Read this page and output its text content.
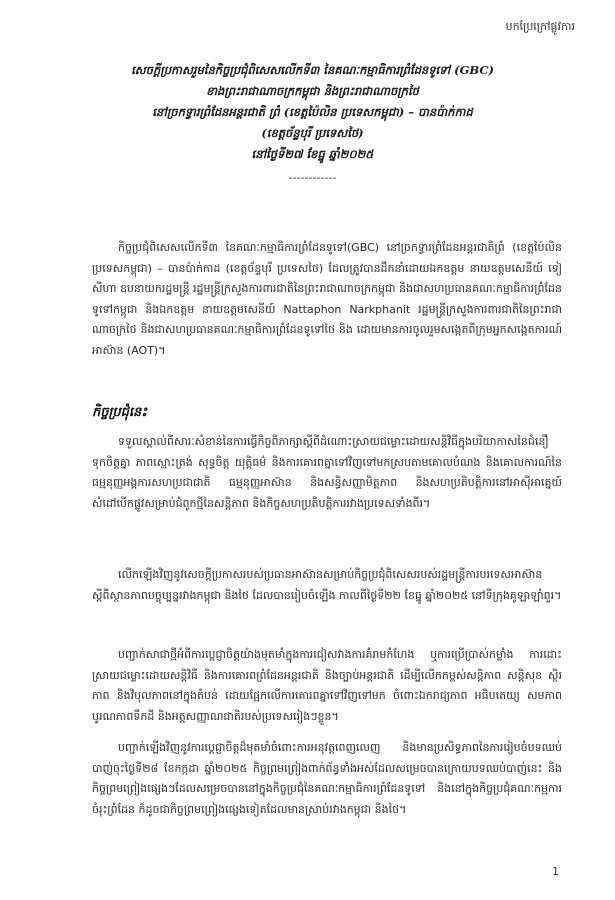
បកប្រែក្រៅផ្លូវការ
សេចក្តីប្រកាសរួមនៃកិច្ចប្រជុំពិសេសលើកទី៣ នៃគណៈកម្មាធិការព្រំដែនទូទៅ (GBC)
ខាងព្រះរាជាណាចក្រកម្ពុជា និងព្រះរាជាណាចក្រថៃ
នៅច្រកទ្វារព្រំដែនអន្តរជាតិ ព្រំ (ខេត្តប៉ៃលិន ប្រទេសកម្ពុជា) – បានប៉ាក់កាដ
(ខេត្តច័ន្ទបុរី ប្រទេសថៃ)
នៅថ្ងៃទី២៧ ខែធ្នូ ឆ្នាំ២០២៥
------------

កិច្ចប្រជុំពិសេសលើកទី៣ នៃគណៈកម្មាធិការព្រំដែនទូទៅ(GBC) នៅច្រកទ្វារព្រំដែនអន្តរជាតិព្រំ (ខេត្តប៉ៃលិន ប្រទេសកម្ពុជា) – បានប៉ាក់កាដ (ខេត្តច័ន្ទបុរី ប្រទេសថៃ) ដែលត្រូវបានដឹកនាំដោយឯកឧត្តម នាយឧត្តមសេនីយ៍ ទៀ សីហា ឧបនាយករដ្ឋមន្ត្រី រដ្ឋមន្ត្រីក្រសួងការពារជាតិនៃព្រះរាជាណាចក្រកម្ពុជា និងជាសហប្រធានគណៈកម្មាធិការព្រំដែនទូទៅកម្ពុជា និងឯកឧត្តម នាយឧត្តមសេនីយ៍ Nattaphon Narkphanit រដ្ឋមន្ត្រីក្រសួងការពារជាតិនៃព្រះរាជាណាចក្រថៃ និងជាសហប្រធានគណៈកម្មាធិការព្រំដែនទូទៅថៃ និង ដោយមានការចូលរួមសង្កេតពីក្រុមអ្នកសង្កេតការណ៍អាស៊ាន (AOT)។

កិច្ចប្រជុំនេះ

ទទួលស្គាល់ពីសារៈសំខាន់នៃការធ្វើកិច្ចពិភាក្សាស្តីពីដំណោះស្រាយជម្លោះដោយសន្តិវិធីក្នុងបរិយាកាសនៃជំនឿទុកចិត្តគ្នា ភាពស្មោះត្រង់ សុទ្ធចិត្ត យុត្តិធម៌ និងការគោរពគ្នាទៅវិញទៅមកស្របតាមគោលបំណង និងគោលការណ៍នៃធម្មនុញ្ញអង្គការសហប្រជាជាតិ ធម្មនុញ្ញអាស៊ាន និងសន្ធិសញ្ញាមិត្តភាព និងសហប្រតិបត្តិការនៅអាស៊ីអាគ្នេយ៍ សំដៅបើកផ្លូវសម្រាប់ជំពូកថ្មីនៃសន្តិភាព និងកិច្ចសហប្រតិបត្តិការរវាងប្រទេសទាំងពីរ។

លើកឡើងវិញនូវសេចក្តីប្រកាសរបស់ប្រធានអាស៊ានសម្រាប់កិច្ចប្រជុំពិសេសរបស់រដ្ឋមន្ត្រីការបរទេសអាស៊ាន ស្តីពីស្ថានភាពបច្ចុប្បន្នរវាងកម្ពុជា និងថៃ ដែលបានរៀបចំឡើង កាលពីថ្ងៃទី២២ ខែធ្នូ ឆ្នាំ២០២៥ នៅទីក្រុងគូឡាឡាំពួរ។

បញ្ជាក់សាជាថ្មីអំពីការប្តេជ្ញាចិត្តយ៉ាងមុតមាំក្នុងការជៀសវាងការគំរាមកំហែង ឬការប្រើប្រាស់កម្លាំង ការដោះស្រាយជម្លោះដោយសន្តិវិធី និងការគោរពព្រំដែនអន្តរជាតិ និងច្បាប់អន្តរជាតិ ដើម្បីលើកកម្ពស់សន្តិភាព សន្តិសុខ ស្ថិរភាព និងវិបុលភាពនៅក្នុងតំបន់ ដោយផ្អែកលើការគោរពគ្នាទៅវិញទៅមក ចំពោះឯករាជ្យភាព អធិបតេយ្យ សមភាព បូរណភាពទឹកដី និងអត្តសញ្ញាណជាតិរបស់ប្រទេសរៀងៗខ្លួន។

បញ្ជាក់ឡើងវិញនូវការប្តេជ្ញាចិត្តដ៏មុតមាំចំពោះការអនុវត្តពេញលេញ និងមានប្រសិទ្ធភាពនៃការរៀបចំបទឈប់បាញ់ចុះថ្ងៃទី២៨ ខែកក្កដា ឆ្នាំ២០២៥ កិច្ចព្រមព្រៀងពាក់ព័ន្ធទាំងអស់ដែលសម្រេចបានក្រោយបទឈប់បាញ់នេះ និងកិច្ចព្រមព្រៀងផ្សេងៗដែលសម្រេចបាននៅក្នុងកិច្ចប្រជុំនៃគណៈកម្មាធិការព្រំដែនទូទៅ និងនៅក្នុងកិច្ចប្រជុំគណៈកម្មការចំរុះព្រំដែន ក៏ដូចជាកិច្ចព្រមព្រៀងផ្សេងទៀតដែលមានស្រាប់រវាងកម្ពុជា និងថៃ។

1
